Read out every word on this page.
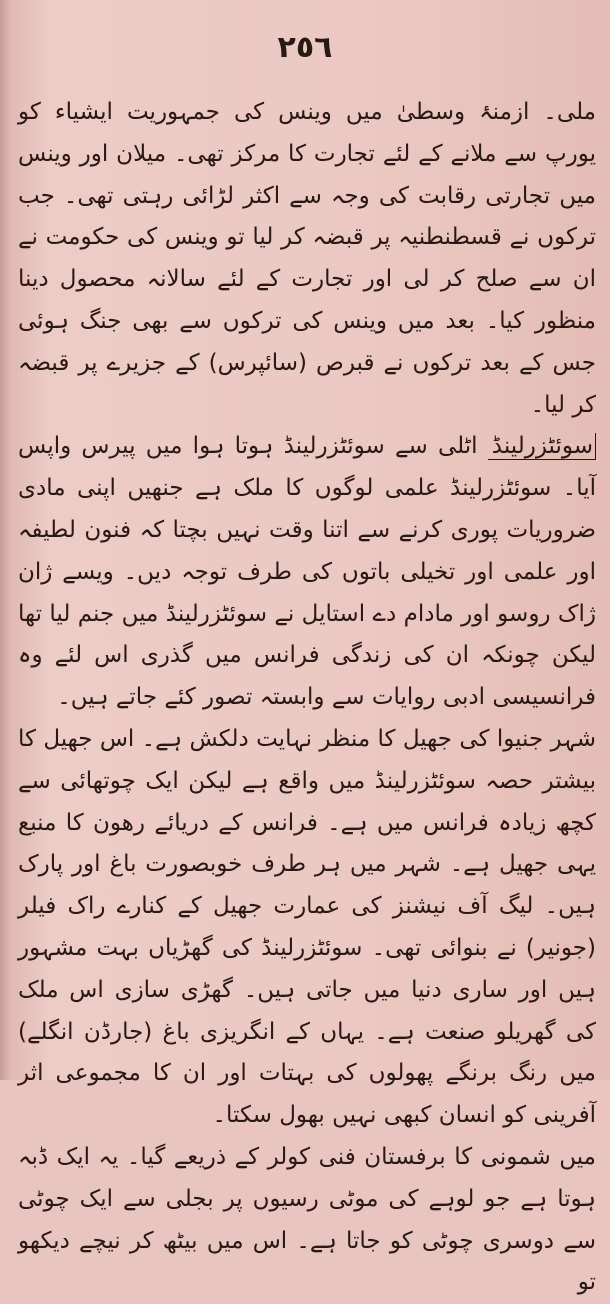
٢٥٦

ملی۔ ازمنۂ وسطیٰ میں وینس کی جمہوریت ایشیاء کو یورپ سے ملانے کے لئے تجارت کا مرکز تھی۔ میلان اور وینس میں تجارتی رقابت کی وجہ سے اکثر لڑائی رہتی تھی۔ جب ترکوں نے قسطنطنیہ پر قبضہ کر لیا تو وینس کی حکومت نے ان سے صلح کر لی اور تجارت کے لئے سالانہ محصول دینا منظور کیا۔ بعد میں وینس کی ترکوں سے بھی جنگ ہوئی جس کے بعد ترکوں نے قبرص (سائپرس) کے جزیرے پر قبضہ کر لیا۔

سوئٹزرلینڈ اٹلی سے سوئٹزرلینڈ ہوتا ہوا میں پیرس واپس آیا۔ سوئٹزرلینڈ علمی لوگوں کا ملک ہے جنھیں اپنی مادی ضروریات پوری کرنے سے اتنا وقت نہیں بچتا کہ فنون لطیفہ اور علمی اور تخیلی باتوں کی طرف توجہ دیں۔ ویسے ژان ژاک روسو اور مادام دے استایل نے سوئٹزرلینڈ میں جنم لیا تھا لیکن چونکہ ان کی زندگی فرانس میں گذری اس لئے وہ فرانسیسی ادبی روایات سے وابستہ تصور کئے جاتے ہیں۔

شہر جنیوا کی جھیل کا منظر نہایت دلکش ہے۔ اس جھیل کا بیشتر حصہ سوئٹزرلینڈ میں واقع ہے لیکن ایک چوتھائی سے کچھ زیادہ فرانس میں ہے۔ فرانس کے دریائے رھون کا منبع یہی جھیل ہے۔ شہر میں ہر طرف خوبصورت باغ اور پارک ہیں۔ لیگ آف نیشنز کی عمارت جھیل کے کنارے راک فیلر (جونیر) نے بنوائی تھی۔ سوئٹزرلینڈ کی گھڑیاں بہت مشہور ہیں اور ساری دنیا میں جاتی ہیں۔ گھڑی سازی اس ملک کی گھریلو صنعت ہے۔ یہاں کے انگریزی باغ (جارڈن انگلے) میں رنگ برنگے پھولوں کی بہتات اور ان کا مجموعی اثر آفرینی کو انسان کبھی نہیں بھول سکتا۔

میں شمونی کا برفستان فنی کولر کے ذریعے گیا۔ یہ ایک ڈبہ ہوتا ہے جو لوہے کی موٹی رسیوں پر بجلی سے ایک چوٹی سے دوسری چوٹی کو جاتا ہے۔ اس میں بیٹھ کر نیچے دیکھو تو
